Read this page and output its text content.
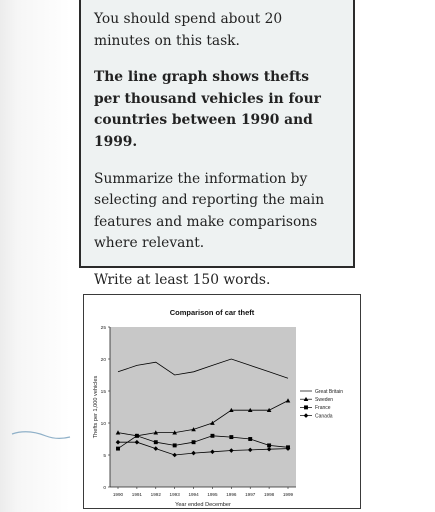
You should spend about 20 minutes on this task.

The line graph shows thefts per thousand vehicles in four countries between 1990 and 1999.

Summarize the information by selecting and reporting the main features and make comparisons where relevant.

Write at least 150 words.

Comparison of car theft
0
5
10
15
20
25
1990 1991 1992 1993 1994 1995 1996 1997 1998 1999
Thefts per 1,000 vehicles
Year ended December
Great Britain
Sweden
France
Canada
